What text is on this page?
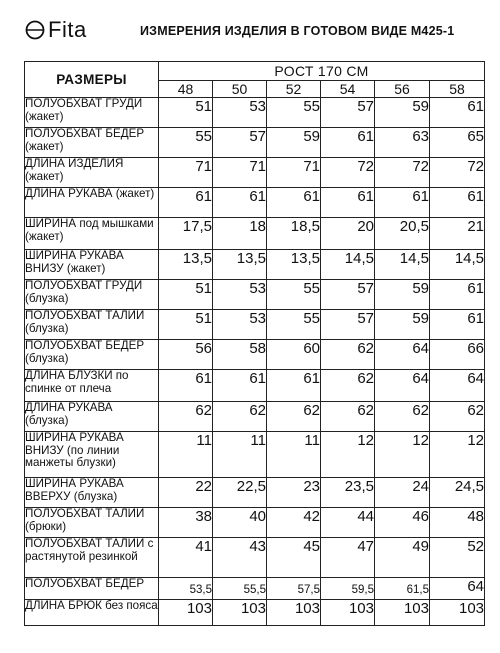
Fita	ИЗМЕРЕНИЯ ИЗДЕЛИЯ В ГОТОВОМ ВИДЕ М425-1
РАЗМЕРЫ	РОСТ 170 СМ					
	48	50	52	54	56	58
ПОЛУОБХВАТ ГРУДИ (жакет)	51	53	55	57	59	61
ПОЛУОБХВАТ БЕДЕР (жакет)	55	57	59	61	63	65
ДЛИНА ИЗДЕЛИЯ (жакет)	71	71	71	72	72	72
ДЛИНА РУКАВА (жакет)	61	61	61	61	61	61
ШИРИНА под мышками (жакет)	17,5	18	18,5	20	20,5	21
ШИРИНА РУКАВА ВНИЗУ (жакет)	13,5	13,5	13,5	14,5	14,5	14,5
ПОЛУОБХВАТ ГРУДИ (блузка)	51	53	55	57	59	61
ПОЛУОБХВАТ ТАЛИИ (блузка)	51	53	55	57	59	61
ПОЛУОБХВАТ БЕДЕР (блузка)	56	58	60	62	64	66
ДЛИНА БЛУЗКИ по спинке от плеча	61	61	61	62	64	64
ДЛИНА РУКАВА (блузка)	62	62	62	62	62	62
ШИРИНА РУКАВА ВНИЗУ (по линии манжеты блузки)	11	11	11	12	12	12
ШИРИНА РУКАВА ВВЕРХУ (блузка)	22	22,5	23	23,5	24	24,5
ПОЛУОБХВАТ ТАЛИИ (брюки)	38	40	42	44	46	48
ПОЛУОБХВАТ ТАЛИИ с растянутой резинкой	41	43	45	47	49	52
ПОЛУОБХВАТ БЕДЕР	53,5	55,5	57,5	59,5	61,5	64
ДЛИНА БРЮК без пояса	103	103	103	103	103	103
